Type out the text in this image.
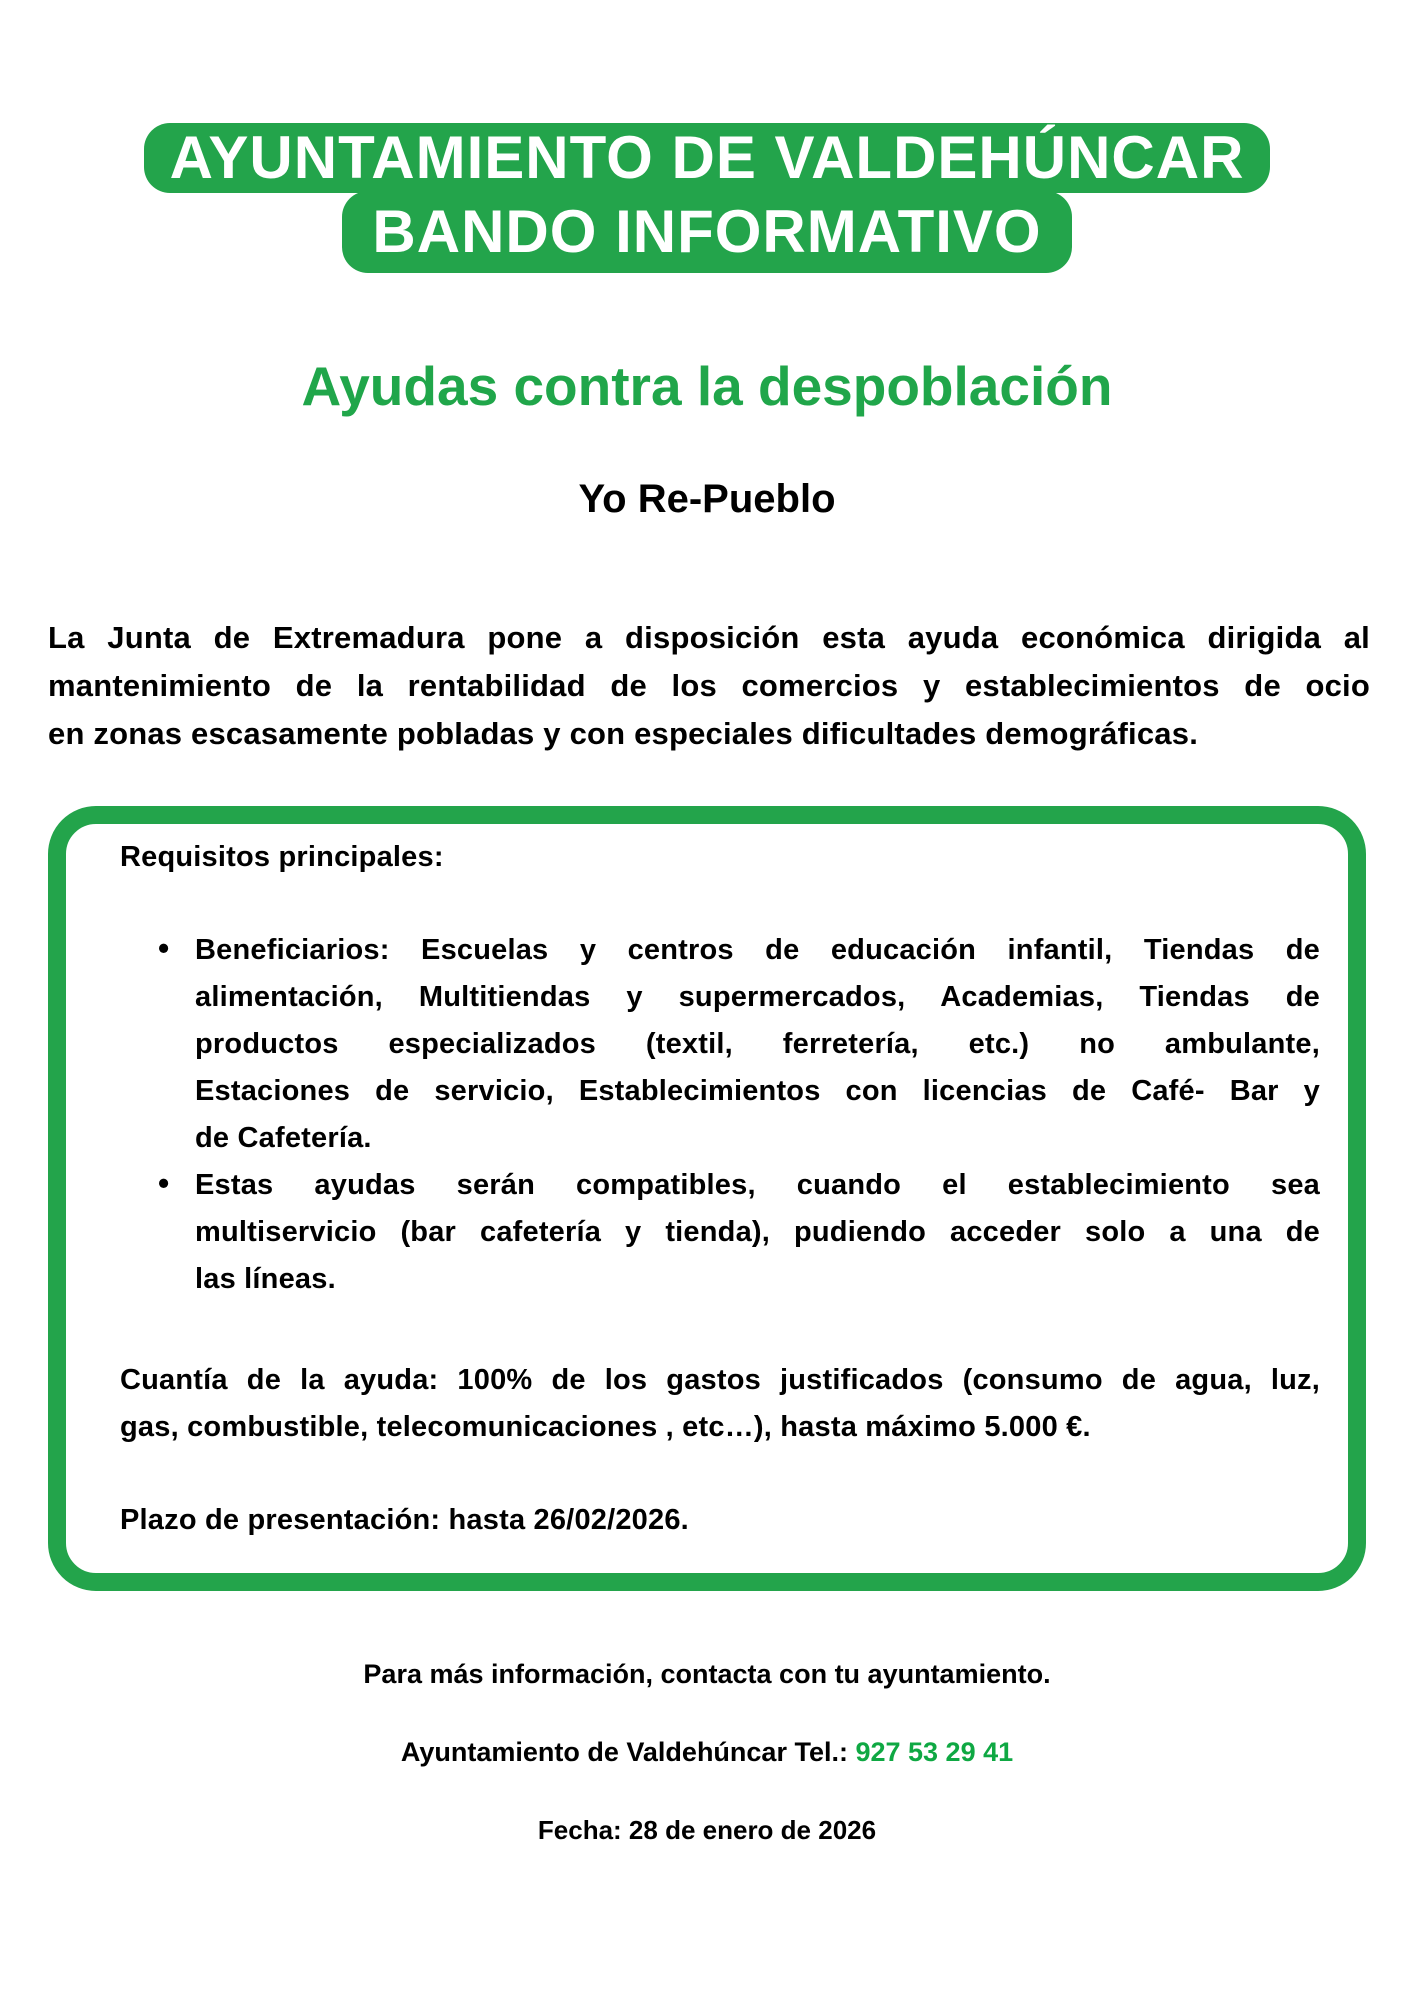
AYUNTAMIENTO DE VALDEHÚNCAR
BANDO INFORMATIVO
Ayudas contra la despoblación
Yo Re-Pueblo
La Junta de Extremadura pone a disposición esta ayuda económica dirigida al
mantenimiento de la rentabilidad de los comercios y establecimientos de ocio
en zonas escasamente pobladas y con especiales dificultades demográficas.
Requisitos principales:
• Beneficiarios: Escuelas y centros de educación infantil, Tiendas de
alimentación, Multitiendas y supermercados, Academias, Tiendas de
productos especializados (textil, ferretería, etc.) no ambulante,
Estaciones de servicio, Establecimientos con licencias de Café- Bar y
de Cafetería.
• Estas ayudas serán compatibles, cuando el establecimiento sea
multiservicio (bar cafetería y tienda), pudiendo acceder solo a una de
las líneas.
Cuantía de la ayuda: 100% de los gastos justificados (consumo de agua, luz,
gas, combustible, telecomunicaciones , etc…), hasta máximo 5.000 €.
Plazo de presentación: hasta 26/02/2026.
Para más información, contacta con tu ayuntamiento.
Ayuntamiento de Valdehúncar Tel.: 927 53 29 41
Fecha: 28 de enero de 2026
